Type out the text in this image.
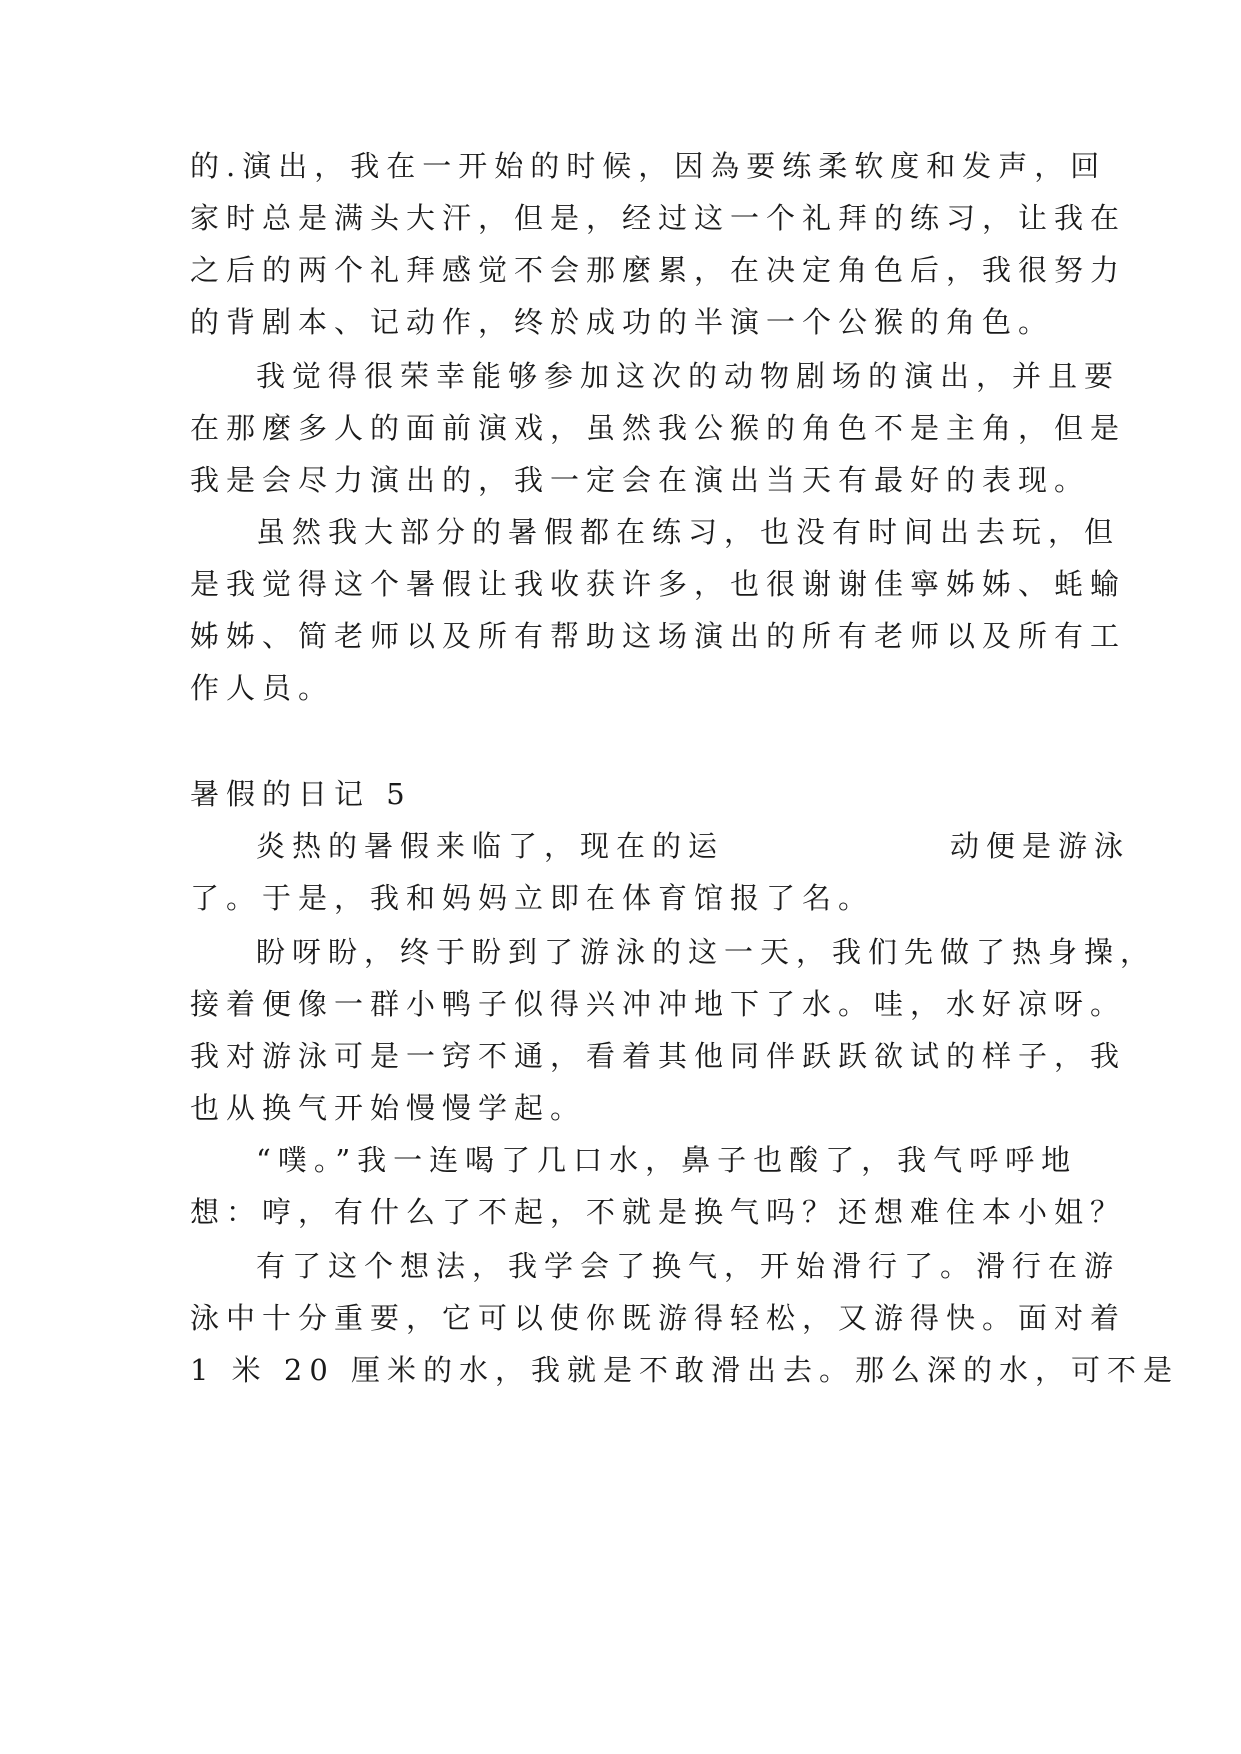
的.演出，我在一开始的时候，因為要练柔软度和发声，回
家时总是满头大汗，但是，经过这一个礼拜的练习，让我在
之后的两个礼拜感觉不会那麼累，在决定角色后，我很努力
的背剧本、记动作，终於成功的半演一个公猴的角色。
我觉得很荣幸能够参加这次的动物剧场的演出，并且要
在那麼多人的面前演戏，虽然我公猴的角色不是主角，但是
我是会尽力演出的，我一定会在演出当天有最好的表现。
虽然我大部分的暑假都在练习，也没有时间出去玩，但
是我觉得这个暑假让我收获许多，也很谢谢佳寧姊姊、蚝蝓
姊姊、简老师以及所有帮助这场演出的所有老师以及所有工
作人员。
暑假的日记 5
炎热的暑假来临了，现在的运	动便是游泳
了。于是，我和妈妈立即在体育馆报了名。
盼呀盼，终于盼到了游泳的这一天，我们先做了热身操，
接着便像一群小鸭子似得兴冲冲地下了水。哇，水好凉呀。
我对游泳可是一窍不通，看着其他同伴跃跃欲试的样子，我
也从换气开始慢慢学起。
“噗。”我一连喝了几口水，鼻子也酸了，我气呼呼地
想：哼，有什么了不起，不就是换气吗？还想难住本小姐？
有了这个想法，我学会了换气，开始滑行了。滑行在游
泳中十分重要，它可以使你既游得轻松，又游得快。面对着
1 米 20 厘米的水，我就是不敢滑出去。那么深的水，可不是
